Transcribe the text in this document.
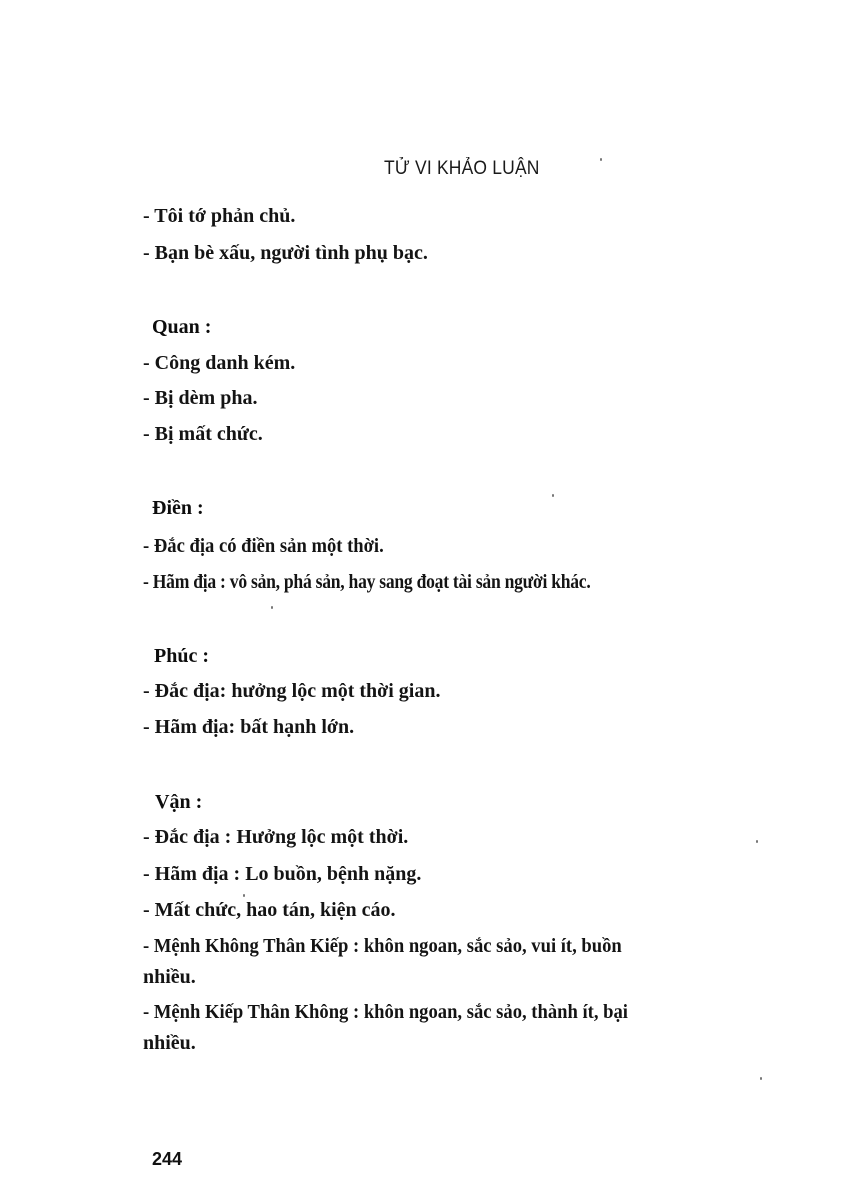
TỬ VI KHẢO LUẬN
- Tôi tớ phản chủ.
- Bạn bè xấu, người tình phụ bạc.
Quan :
- Công danh kém.
- Bị dèm pha.
- Bị mất chức.
Điền :
- Đắc địa có điền sản một thời.
- Hãm địa : vô sản, phá sản, hay sang đoạt tài sản người khác.
Phúc :
- Đắc địa: hưởng lộc một thời gian.
- Hãm địa: bất hạnh lớn.
Vận :
- Đắc địa : Hưởng lộc một thời.
- Hãm địa : Lo buồn, bệnh nặng.
- Mất chức, hao tán, kiện cáo.
- Mệnh Không Thân Kiếp : khôn ngoan, sắc sảo, vui ít, buồn
nhiều.
- Mệnh Kiếp Thân Không : khôn ngoan, sắc sảo, thành ít, bại
nhiều.
244
